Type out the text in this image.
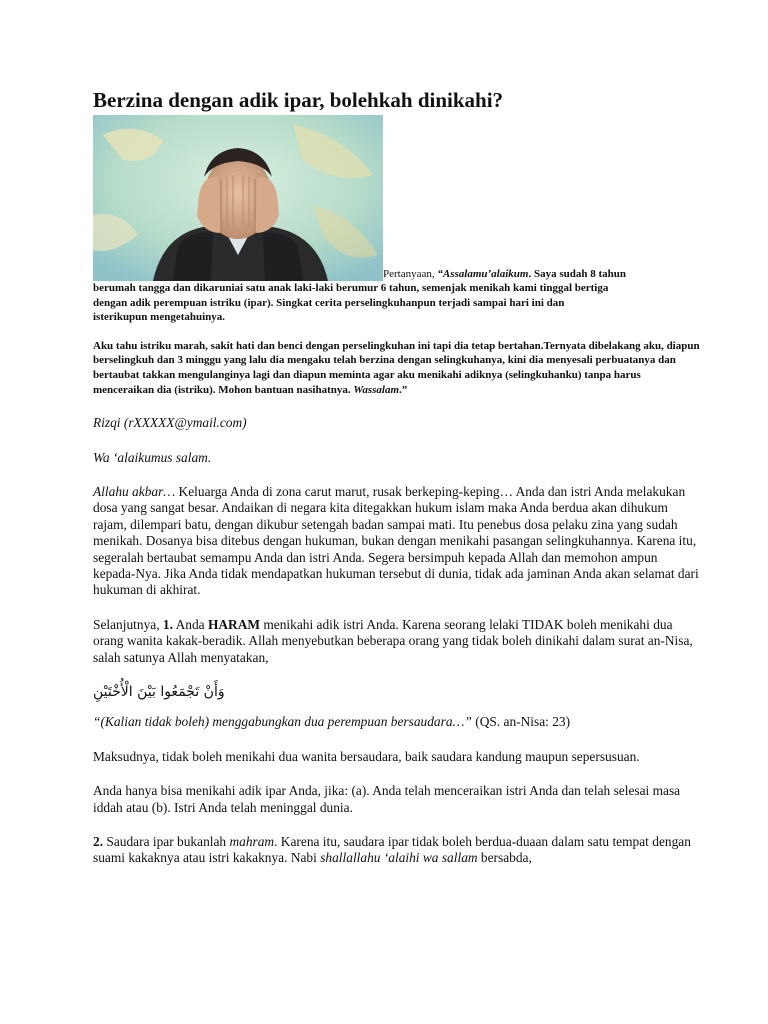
Berzina dengan adik ipar, bolehkah dinikahi?
Pertanyaan, “Assalamu’alaikum. Saya sudah 8 tahun

berumah tangga dan dikaruniai satu anak laki-laki berumur 6 tahun, semenjak menikah kami tinggal bertiga
dengan adik perempuan istriku (ipar). Singkat cerita perselingkuhanpun terjadi sampai hari ini dan
isterikupun mengetahuinya.

Aku tahu istriku marah, sakit hati dan benci dengan perselingkuhan ini tapi dia tetap bertahan.Ternyata dibelakang aku, diapun berselingkuh dan 3 minggu yang lalu dia mengaku telah berzina dengan selingkuhanya, kini dia menyesali perbuatanya dan bertaubat takkan mengulanginya lagi dan diapun meminta agar aku menikahi adiknya (selingkuhanku) tanpa harus menceraikan dia (istriku). Mohon bantuan nasihatnya. Wassalam.”

Rizqi (rXXXXX@ymail.com)

Wa ‘alaikumus salam.

Allahu akbar… Keluarga Anda di zona carut marut, rusak berkeping-keping… Anda dan istri Anda melakukan dosa yang sangat besar. Andaikan di negara kita ditegakkan hukum islam maka Anda berdua akan dihukum rajam, dilempari batu, dengan dikubur setengah badan sampai mati. Itu penebus dosa pelaku zina yang sudah menikah. Dosanya bisa ditebus dengan hukuman, bukan dengan menikahi pasangan selingkuhannya. Karena itu, segeralah bertaubat semampu Anda dan istri Anda. Segera bersimpuh kepada Allah dan memohon ampun kepada-Nya. Jika Anda tidak mendapatkan hukuman tersebut di dunia, tidak ada jaminan Anda akan selamat dari hukuman di akhirat.

Selanjutnya, 1. Anda HARAM menikahi adik istri Anda. Karena seorang lelaki TIDAK boleh menikahi dua orang wanita kakak-beradik. Allah menyebutkan beberapa orang yang tidak boleh dinikahi dalam surat an-Nisa, salah satunya Allah menyatakan,

وَأَنْ تَجْمَعُوا بَيْنَ الْأُخْتَيْنِ

“(Kalian tidak boleh) menggabungkan dua perempuan bersaudara…” (QS. an-Nisa: 23)

Maksudnya, tidak boleh menikahi dua wanita bersaudara, baik saudara kandung maupun sepersusuan.

Anda hanya bisa menikahi adik ipar Anda, jika: (a). Anda telah menceraikan istri Anda dan telah selesai masa iddah atau (b). Istri Anda telah meninggal dunia.

2. Saudara ipar bukanlah mahram. Karena itu, saudara ipar tidak boleh berdua-duaan dalam satu tempat dengan suami kakaknya atau istri kakaknya. Nabi shallallahu ‘alaihi wa sallam bersabda,
